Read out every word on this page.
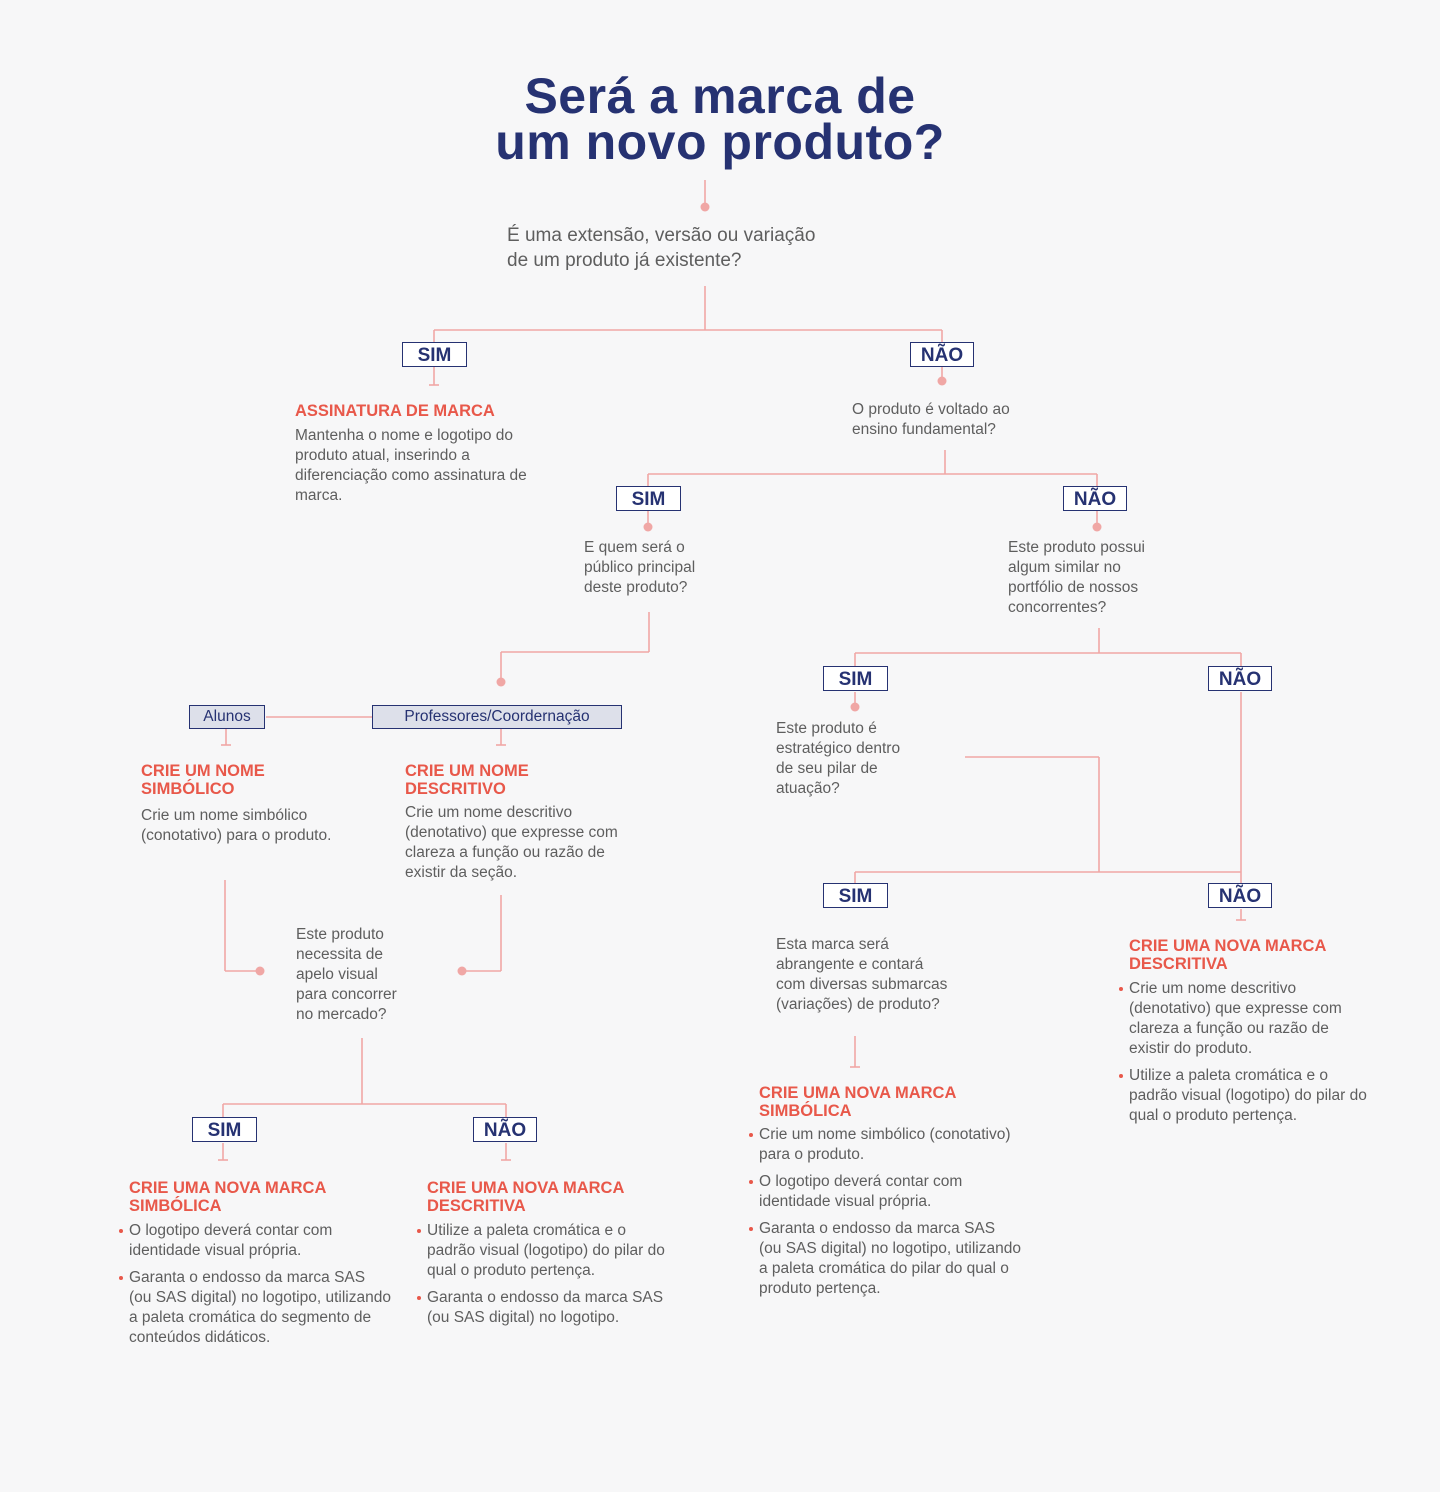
Será a marca de
um novo produto?

É uma extensão, versão ou variação
de um produto já existente?

O produto é voltado ao
ensino fundamental?

E quem será o
público principal
deste produto?

Este produto possui
algum similar no
portfólio de nossos
concorrentes?

Este produto é
estratégico dentro
de seu pilar de
atuação?

Este produto
necessita de
apelo visual
para concorrer
no mercado?

Esta marca será
abrangente e contará
com diversas submarcas
(variações) de produto?

SIM	NÃO
SIM	NÃO
SIM	NÃO
SIM	NÃO
SIM	NÃO
Alunos	Professores/Coordernação
ASSINATURA DE MARCA

Mantenha o nome e logotipo do produto atual, inserindo a diferenciação como assinatura de marca.

CRIE UM NOME SIMBÓLICO

Crie um nome simbólico (conotativo) para o produto.

CRIE UM NOME DESCRITIVO

Crie um nome descritivo (denotativo) que expresse com clareza a função ou razão de existir da seção.

CRIE UMA NOVA MARCA SIMBÓLICA
O logotipo deverá contar com identidade visual própria.
Garanta o endosso da marca SAS (ou SAS digital) no logotipo, utilizando a paleta cromática do segmento de conteúdos didáticos.
CRIE UMA NOVA MARCA DESCRITIVA
Utilize a paleta cromática e o padrão visual (logotipo) do pilar do qual o produto pertença.
Garanta o endosso da marca SAS (ou SAS digital) no logotipo.
CRIE UMA NOVA MARCA SIMBÓLICA
Crie um nome simbólico (conotativo) para o produto.
O logotipo deverá contar com identidade visual própria.
Garanta o endosso da marca SAS (ou SAS digital) no logotipo, utilizando a paleta cromática do pilar do qual o produto pertença.
CRIE UMA NOVA MARCA DESCRITIVA
Crie um nome descritivo (denotativo) que expresse com clareza a função ou razão de existir do produto.
Utilize a paleta cromática e o padrão visual (logotipo) do pilar do qual o produto pertença.
